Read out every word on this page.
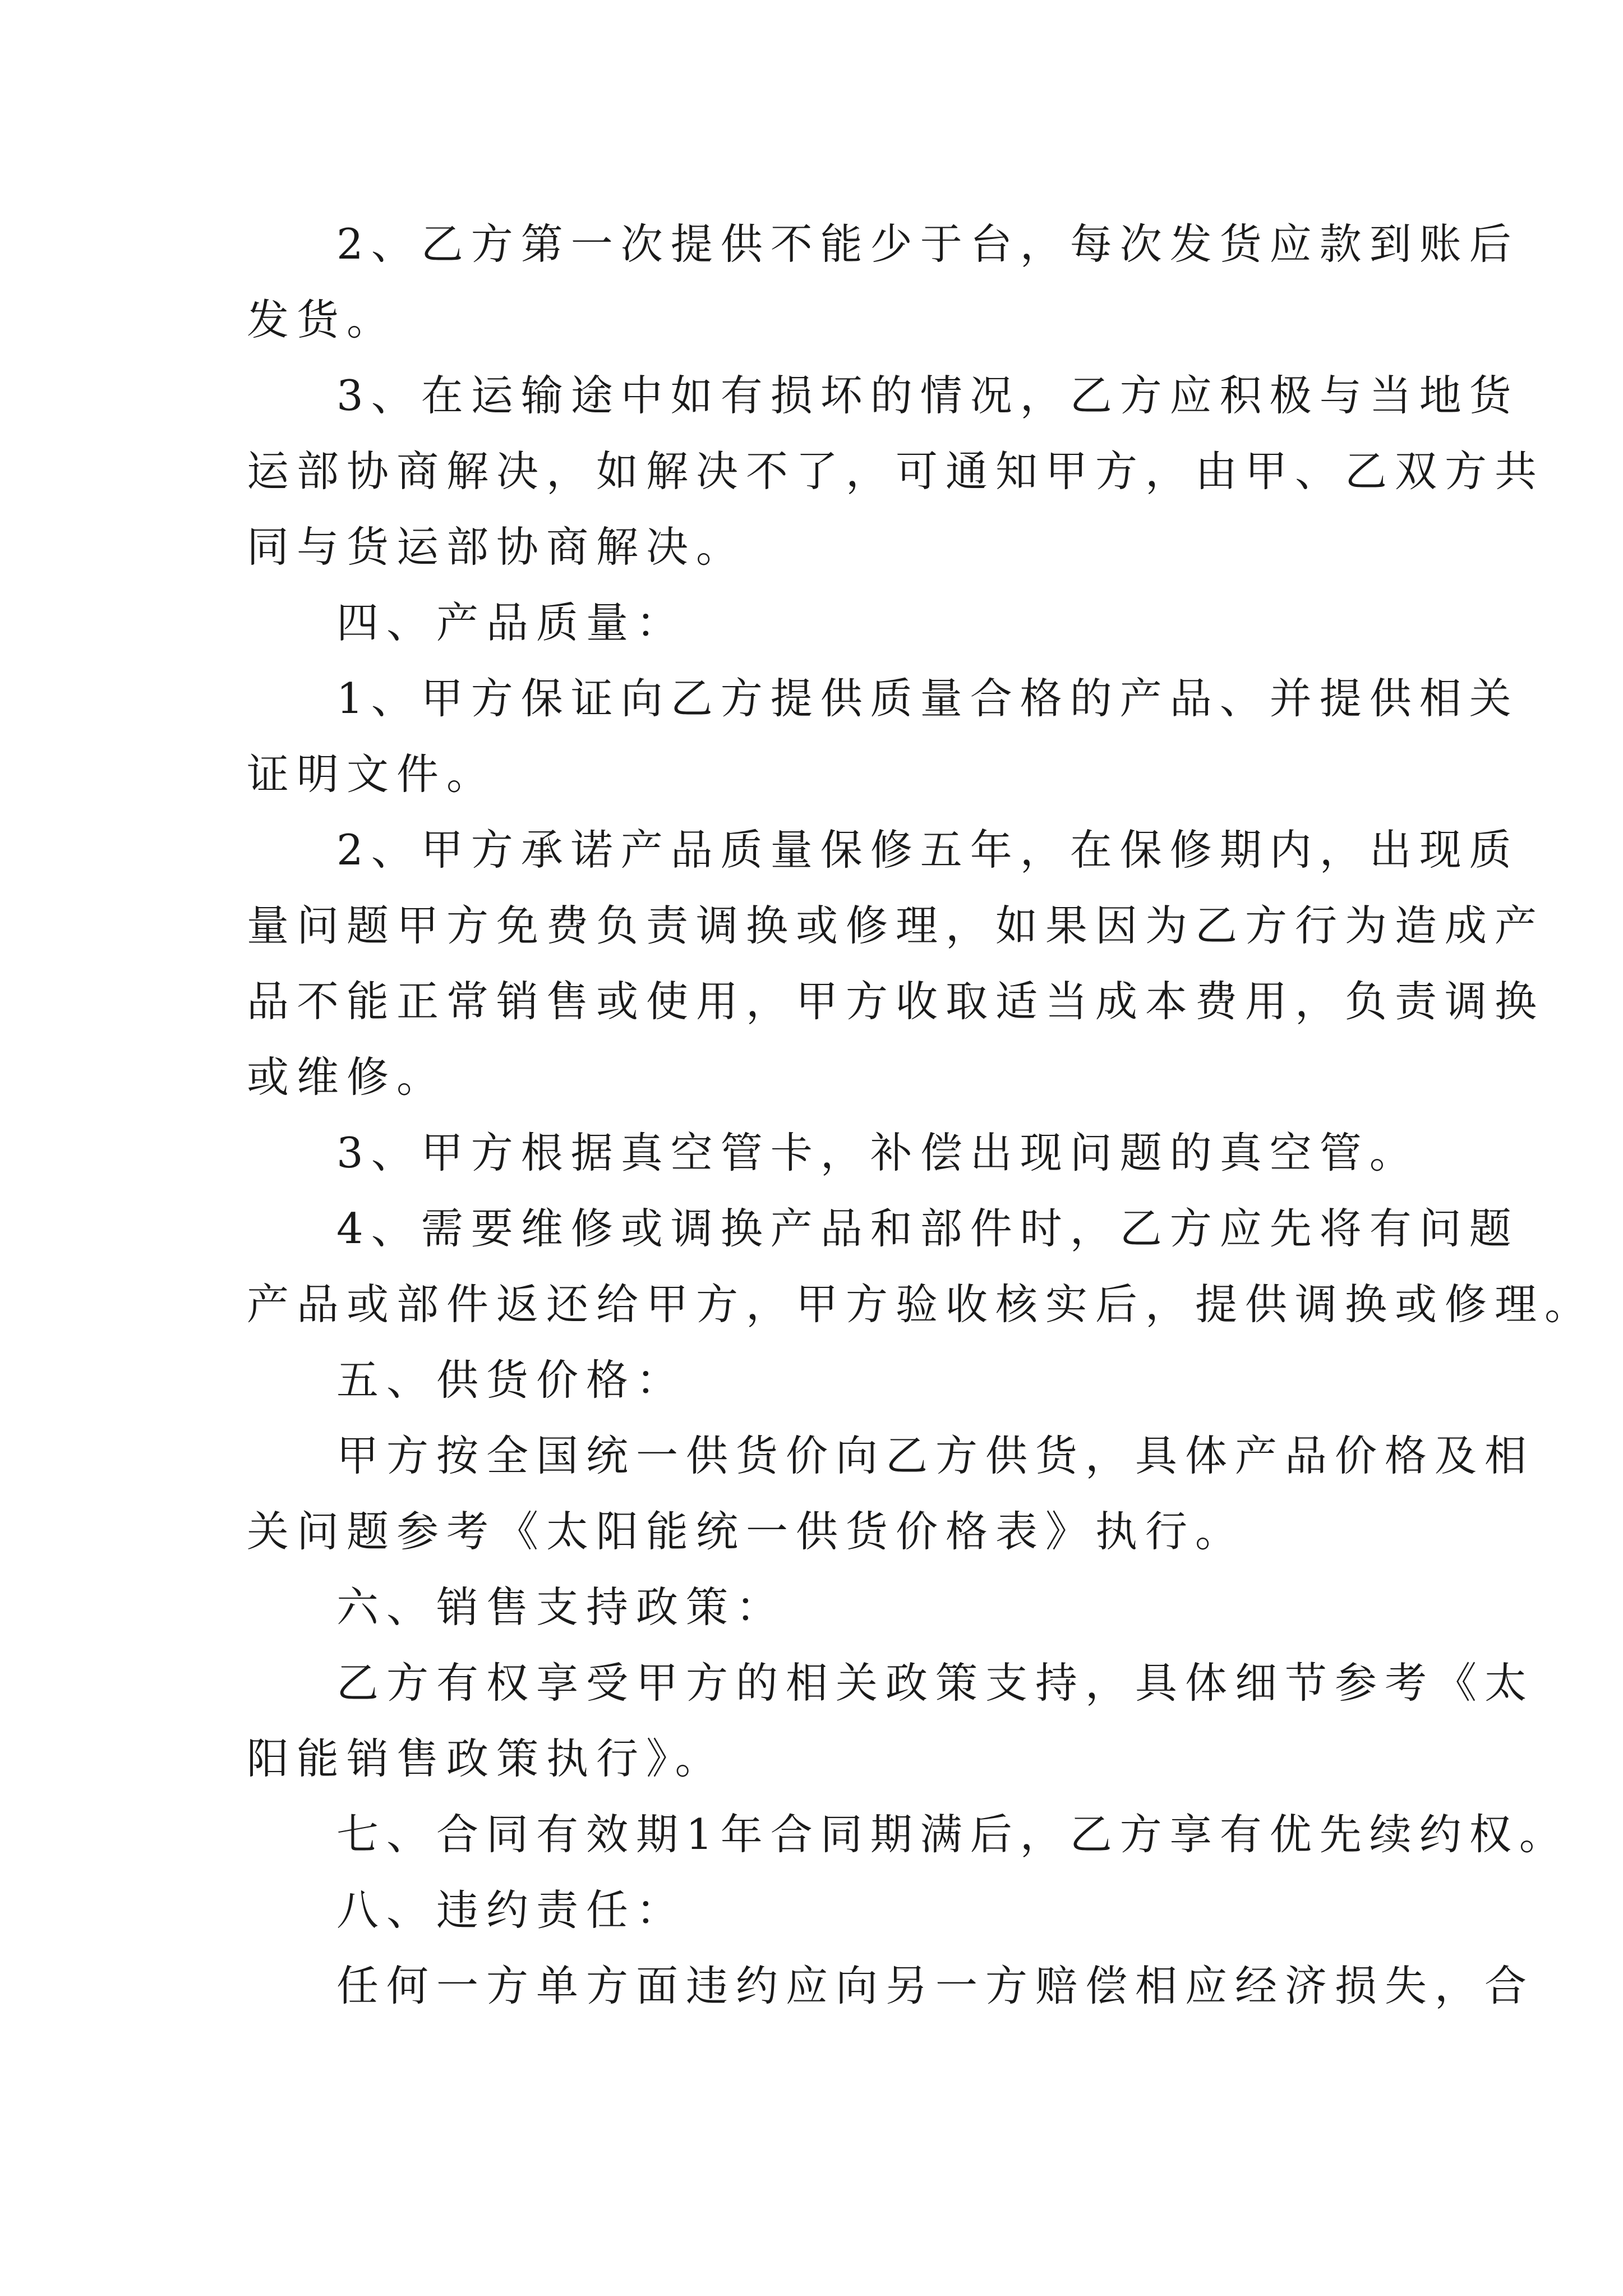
2、乙方第一次提供不能少于台，每次发货应款到账后
发货。
3、在运输途中如有损坏的情况，乙方应积极与当地货
运部协商解决，如解决不了，可通知甲方，由甲、乙双方共
同与货运部协商解决。
四、产品质量：
1、甲方保证向乙方提供质量合格的产品、并提供相关
证明文件。
2、甲方承诺产品质量保修五年，在保修期内，出现质
量问题甲方免费负责调换或修理，如果因为乙方行为造成产
品不能正常销售或使用，甲方收取适当成本费用，负责调换
或维修。
3、甲方根据真空管卡，补偿出现问题的真空管。
4、需要维修或调换产品和部件时，乙方应先将有问题
产品或部件返还给甲方，甲方验收核实后，提供调换或修理。
五、供货价格：
甲方按全国统一供货价向乙方供货，具体产品价格及相
关问题参考《太阳能统一供货价格表》执行。
六、销售支持政策：
乙方有权享受甲方的相关政策支持，具体细节参考《太
阳能销售政策执行》。
七、合同有效期1年合同期满后，乙方享有优先续约权。
八、违约责任：
任何一方单方面违约应向另一方赔偿相应经济损失，合
